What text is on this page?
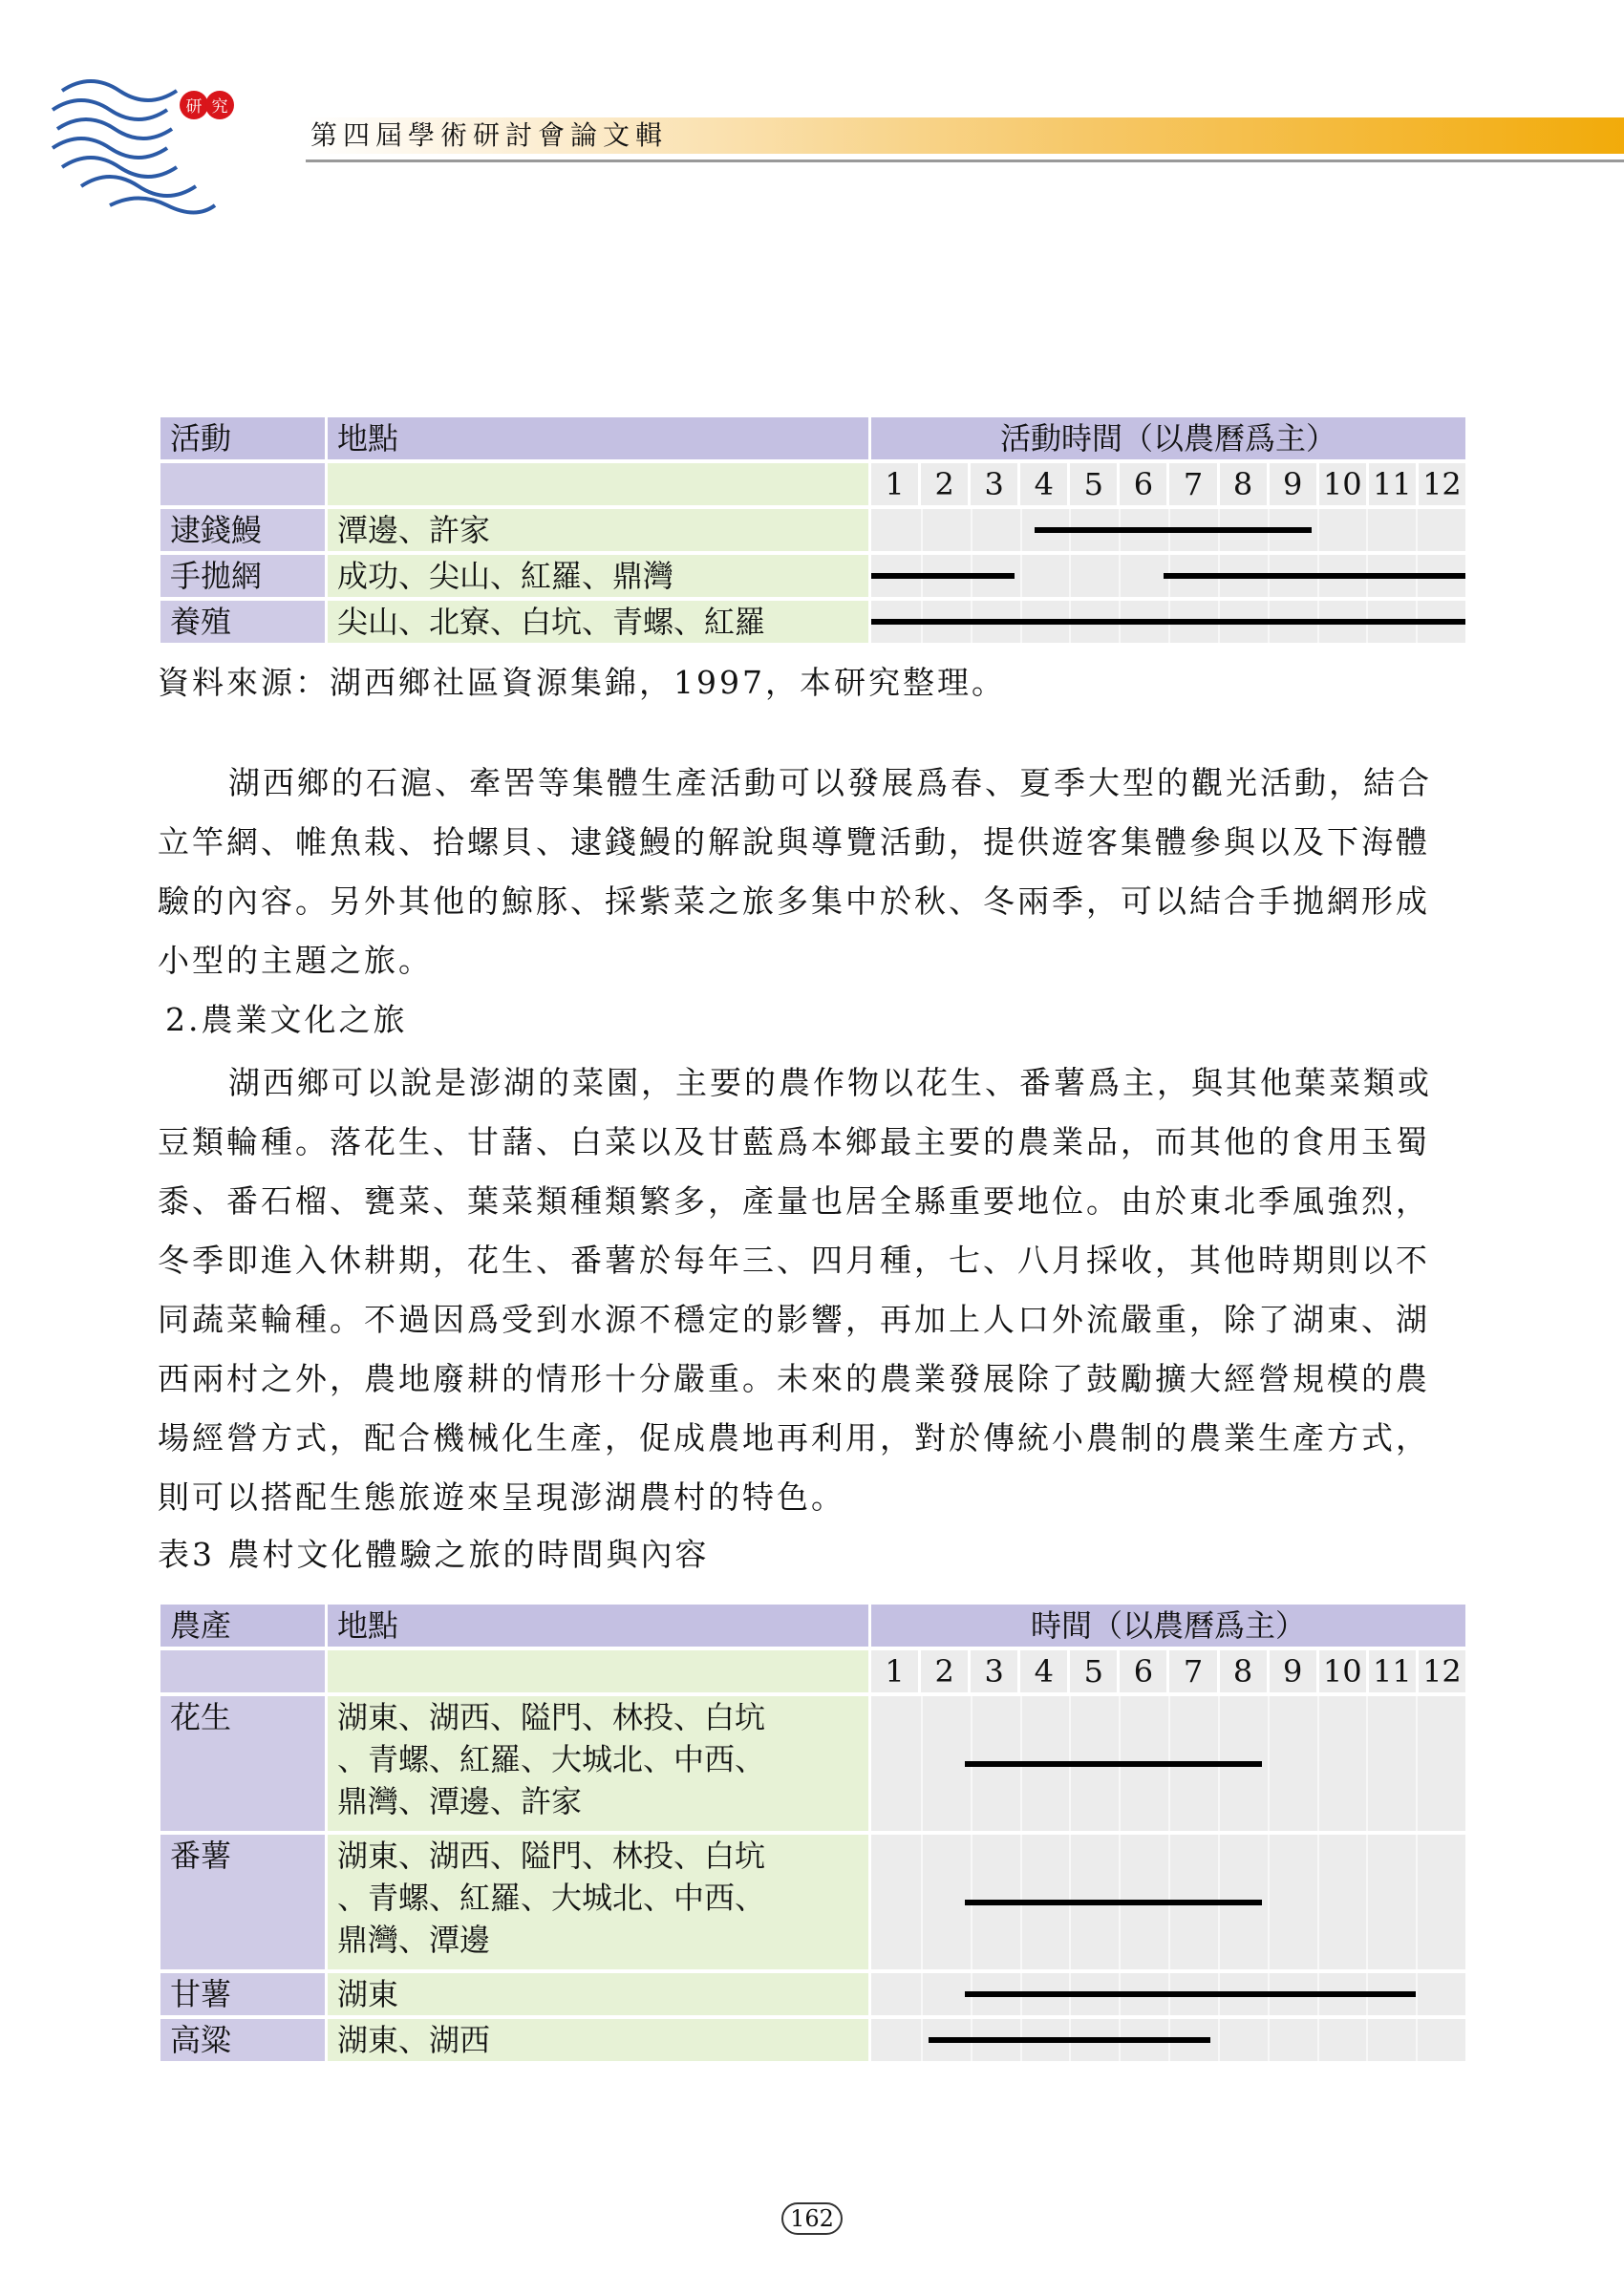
研 究
第四屆學術研討會論文輯
活動	地點	活動時間（以農曆爲主）											
		1	2	3	4	5	6	7	8	9	10	11	12
逮錢鰻	潭邊、許家												

手拋網	成功、尖山、紅羅、鼎灣												

養殖	尖山、北寮、白坑、青螺、紅羅												

資料來源：湖西鄉社區資源集錦，1997，本研究整理。
湖西鄉的石滬、牽罟等集體生產活動可以發展爲春、夏季大型的觀光活動，結合
立竿網、帷魚栽、拾螺貝、逮錢鰻的解說與導覽活動，提供遊客集體參與以及下海體
驗的內容。另外其他的鯨豚、採紫菜之旅多集中於秋、冬兩季，可以結合手拋網形成
小型的主題之旅。
2.農業文化之旅
湖西鄉可以說是澎湖的菜園，主要的農作物以花生、番薯爲主，與其他葉菜類或
豆類輪種。落花生、甘藷、白菜以及甘藍爲本鄉最主要的農業品，而其他的食用玉蜀
黍、番石榴、甕菜、葉菜類種類繁多，產量也居全縣重要地位。由於東北季風強烈，
冬季即進入休耕期，花生、番薯於每年三、四月種，七、八月採收，其他時期則以不
同蔬菜輪種。不過因爲受到水源不穩定的影響，再加上人口外流嚴重，除了湖東、湖
西兩村之外，農地廢耕的情形十分嚴重。未來的農業發展除了鼓勵擴大經營規模的農
場經營方式，配合機械化生產，促成農地再利用，對於傳統小農制的農業生產方式，
則可以搭配生態旅遊來呈現澎湖農村的特色。
表3 農村文化體驗之旅的時間與內容
農產	地點	時間（以農曆爲主）											
		1	2	3	4	5	6	7	8	9	10	11	12
花生	湖東、湖西、隘門、林投、白坑
、青螺、紅羅、大城北、中西、
鼎灣、潭邊、許家												

番薯	湖東、湖西、隘門、林投、白坑
、青螺、紅羅、大城北、中西、
鼎灣、潭邊												

甘薯	湖東												

高粱	湖東、湖西												

162
